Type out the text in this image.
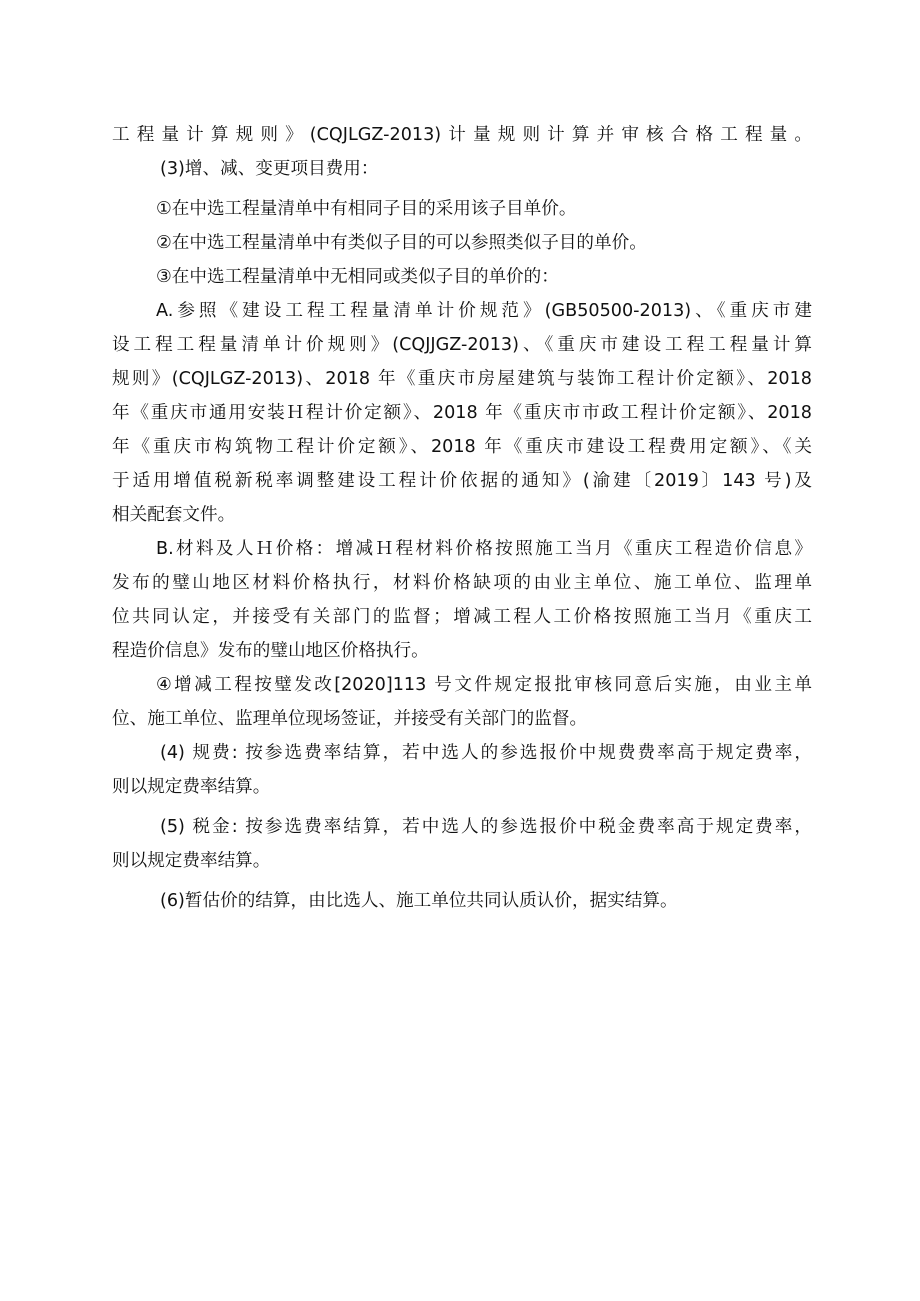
工程量计算规则》(CQJLGZ-2013)计量规则计算并审核合格工程量。
(3)增、减、变更项目费用：
①在中选工程量清单中有相同子目的采用该子目单价。
②在中选工程量清单中有类似子目的可以参照类似子目的单价。
③在中选工程量清单中无相同或类似子目的单价的：
A.参照《建设工程工程量清单计价规范》(GB50500-2013)、《重庆市建
设工程工程量清单计价规则》(CQJJGZ-2013)、《重庆市建设工程工程量计算
规则》(CQJLGZ-2013)、2018 年《重庆市房屋建筑与装饰工程计价定额》、2018
年《重庆市通用安装Ｈ程计价定额》、2018 年《重庆市市政工程计价定额》、2018
年《重庆市构筑物工程计价定额》、2018 年《重庆市建设工程费用定额》、《关
于适用增值税新税率调整建设工程计价依据的通知》(渝建〔2019〕143 号)及
相关配套文件。
B.材料及人Ｈ价格：增减Ｈ程材料价格按照施工当月《重庆工程造价信息》
发布的璧山地区材料价格执行，材料价格缺项的由业主单位、施工单位、监理单
位共同认定，并接受有关部门的监督；增减工程人工价格按照施工当月《重庆工
程造价信息》发布的璧山地区价格执行。
④增减工程按璧发改[2020]113 号文件规定报批审核同意后实施，由业主单
位、施工单位、监理单位现场签证，并接受有关部门的监督。
(4) 规费: 按参选费率结算，若中选人的参选报价中规费费率高于规定费率，
则以规定费率结算。
(5) 税金: 按参选费率结算，若中选人的参选报价中税金费率高于规定费率，
则以规定费率结算。
(6)暂估价的结算，由比选人、施工单位共同认质认价，据实结算。
